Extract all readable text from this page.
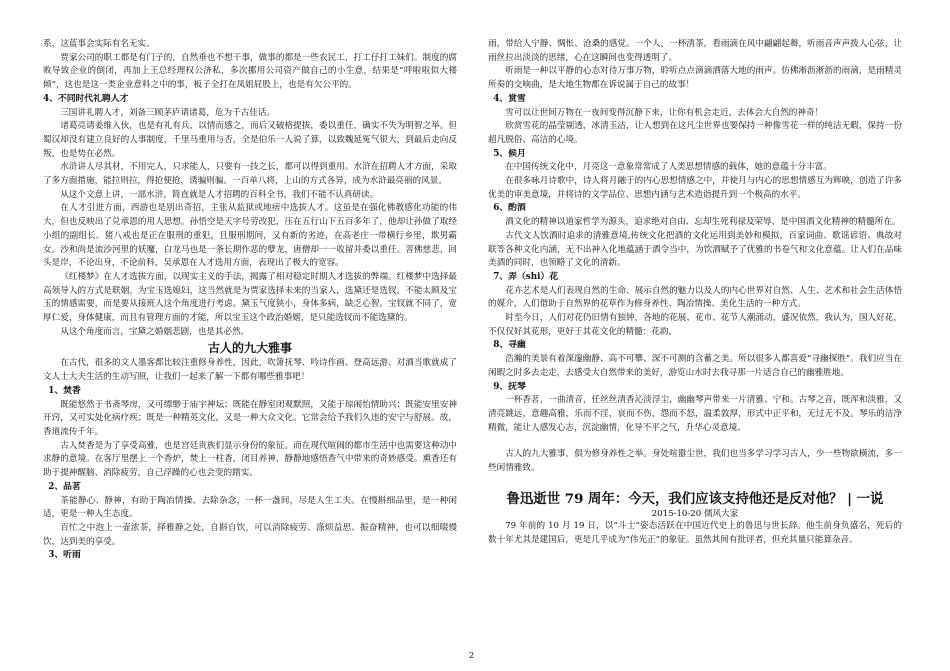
系，这蓝事会实际有名无实。

贾家公司的职工都是有门子的，自然垂也不想干事，做事的都是一些农民工，打工仔打工妹们。制度的腐败导致企业的倒闭，再加上王总经理权公济私，多次挪用公司资产做自己的小生意，结果是“呼啦啦似大楼倾”，这也是这一类企业意料之中的事，板子全打在凤姐屁股上，也是有欠公平的。

4、不同时代礼聘人才

三国讲礼聘人才，刘备三顾茅庐请诸葛，危为千古佳话。

诸葛亮请姜维入伙，也是有礼有兵，以情而感之，而后又破格提拔，委以重任，确实不失为明智之举。但蜀汉却没有建立良好的人事制度，千里马重用与否，全是伯乐一人说了算，以致魏延冤气很大，到最后走向反叛，也是势在必然。

水浒讲人尽其材，不用完人，只求能人，只要有一技之长，都可以得到重用。水浒在招聘人才方面，采取了多方面措施，能拉则拉，得抢便抢，诱骗则骗。一百单八将，上山的方式各异，成为水浒最亮丽的风景。

从这个文意上讲，一部水浒，简直就是人才招聘的百科全书，我们不能不认真研读。

在人才引进方面，西游也是别出奇招，主张从监狱或地痞中选拔人才。这虽是在强化佛教感化功能的伟大，但也反映出了兑承恩的用人思想。孙悟空是天字号劳改犯，压在五行山下五百多年了，他却让孙做了取经小组的副组长。猪八戒也是正在服刑的重犯，且服刑期间，又有新的劣迹，在高老庄一带横行乡里，欺男霸女。沙和尚是流沙河里的妖魔，白龙马也是一条长期作恶的孽龙，唐僧却一一收留并委以重任。菩佛慈悲，回头是岸，不论出身，不论前科，吴承恩在人才选用方面，表现出了极大的宽容。

《红楼梦》在人才选拔方面，以现实主义的手法，揭露了相对稳定时期人才选拔的弊端。红楼梦中选择最高领导人的方式是联姻。为宝玉选媳妇，这当然就是为贾家选择未来的当家人，选黛还是选钗，不能太顾及宝玉的情感需要，而是要从接班人这个角度进行考虑。黛玉气度狭小，身体多病，缺乏心智。宝钗就不同了，宽厚仁爱，身体健康，而且有管理方面的才能，所以宝玉这个政治婚姻，是只能选钗而不能选黛的。

从这个角度而言，宝黛之婚姻悲剧，也是其必然。

古人的九大雅事

在古代，很多的文人墨客都比较注重修身养性，因此，吹箫抚琴、吟诗作画、登高远游、对酒当歌就成了文人士大夫生活的生动写照，让我们一起来了解一下都有哪些雅事吧！

1、焚香

既能悠然于书斋琴房，又可缥缈于庙宇神坛；既能在静室闭观默照，又能于琼闱怡情助兴；既能安里安神开窍，又可实处化病疗疾；既是一种精英文化，又是一种大众文化。它常会给予我们久违的安宁与舒展。故，香道流传千年。

古人焚香是为了享受高雅，也是宫廷贵族们显示身份的象征。而在现代喧闹的都市生活中也需要这种动中求静的意境。在客厅里摆上一个香炉，焚上一柱香，闭目养神，静静地感悟香气中带来的奇妙感受。熏香还有助于提神醒脑、消除疲劳，自己浮躁的心也会变的踏实。

2、品茗

茶能静心、静神，有助于陶冶情操、去除杂念，一杯一盏间，尽是人生工夫。在慢斟细品里，是一种闲适，更是一种人生态度。

百忙之中泡上一壶浓茶，择雅静之处，自斟自饮，可以消除疲劳、涤烦益思、振奋精神，也可以细啜慢饮，达到美的享受。

3、听雨

雨，带给人宁静、惆怅、沧桑的感觉。一个人，一杯清茶，看雨滴在风中翩翩起舞，听雨音声声拨人心弦，让雨丝拉出淡淡的思绪，心在这瞬间也变得透明了。

听雨是一种以平静的心态对待万事万物，聆听点点滴滴洒落大地的雨声。仿佛淅沥淅沥的雨滴，是雨精灵所奏的交响曲，是大地生物都在诉说属于自己的故事！

4、赏雪

雪可以让世间万物在一夜间变得沉静下来，让你有机会走近，去体会大自然的神奇！

欣赏雪花的晶莹剔透，冰清玉洁，让人想到在这凡尘世界也要保持一种像雪花一样的纯洁无暇，保持一份超凡脱俗、高洁的心境。

5、候月

在中国传统文化中，月亮这一意象常常成了人类思想情感的载体，她的意蕴十分丰富。

在很多咏月诗歌中，诗人将月融于的内心思想情感之中，并使月与内心的思想情感互为辉映，创造了许多优美的审美意境，并将诗的文学品位、思想内涵与艺术造诣提升到一个极高的水平。

6、酌酒

酒文化的精神以道家哲学为源头，追求绝对自由、忘却生死利禄及荣辱，是中国酒文化精神的精髓所在。

古代文人饮酒时追求的清雅意境,传统文化把酒的文化运用到美妙和模拟，百家词曲、歌谣谚语、典故对联等各种文化内涵，无不出神入化地蕴涵于酒令当中，为饮酒赋予了优雅的书卷气和文化意蕴。让人们在品味美酒的同时，也领略了文化的清新。

7、弄（shi）花

花卉艺术是人们表现自然的生命、展示自然的魅力以及人的内心世界对自然、人生、艺术和社会生活体悟的媒介，人们借助于自然界的花草作为修身养性、陶冶情操、美化生活的一种方式。

时至今日，人们对花仍旧情有独钟，各地的花展、花市、花节人潮涌动，盛况依然，我认为，国人好花，不仅仅好其花形，更好于其花文化的精髓：花韵。

8、寻幽

浩瀚的美景有着深邃幽静、高不可攀、深不可测的含蓄之美。所以很多人都喜爱“寻幽探胜”。我们应当在闲暇之时多去走走，去感受大自然带来的美好，游览山水时去我寻那一片适合自己的幽雅胜地。

9、抚琴

一杯香茗，一曲清音，任丝丝清香沁淡浮尘，幽幽琴声带来一片清雅、宁和。古琴之音，既浑和淡雅，又清亮跳远，意趣高雅，乐而不淫，哀而不伤，怨而不怒，温柔敦厚，形式中正平和，无过无不及。琴乐的洁净精微，能让人感发心志，沉淀幽情，化导不平之气，升华心灵意境。

古人的九大雅事，俱为修身养性之举。身处喧嚣尘世，我们也当多学习学习古人，少一些物欲横流，多一些闲情雅致。

鲁迅逝世 79 周年：今天，我们应该支持他还是反对他？ | 一说
2015-10-20 儒风大家

79 年前的 10 月 19 日，以“斗士”姿态活跃在中国近代史上的鲁迅与世长辞。他生前身负盛名，死后的数十年尤其是建国后，更是几乎成为“伟光正”的象征。虽然其间有批评者，但充其量只能算杂音。

2
